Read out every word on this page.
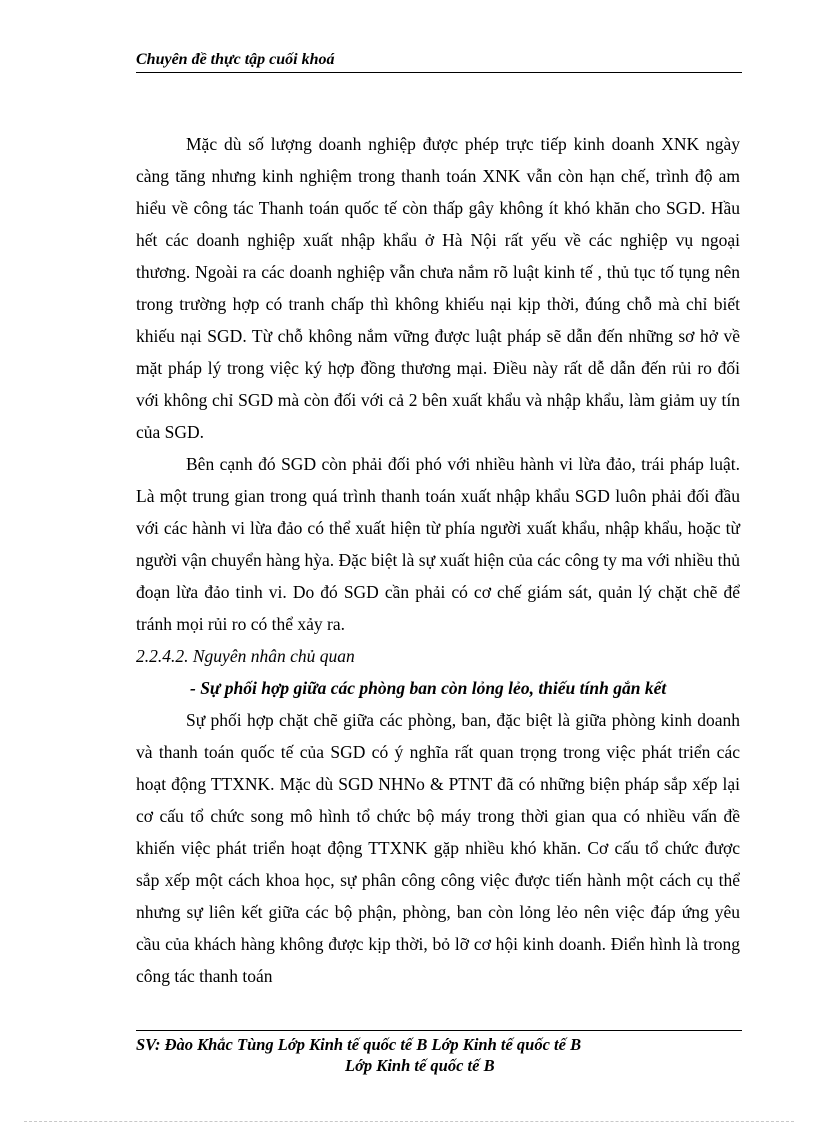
Chuyên đề thực tập cuối khoá

Mặc dù số lượng doanh nghiệp được phép trực tiếp kinh doanh XNK ngày càng tăng nhưng kinh nghiệm trong thanh toán XNK vẫn còn hạn chế, trình độ am hiểu về công tác Thanh toán quốc tế còn thấp gây không ít khó khăn cho SGD. Hầu hết các doanh nghiệp xuất nhập khẩu ở Hà Nội rất yếu về các nghiệp vụ ngoại thương. Ngoài ra các doanh nghiệp vẫn chưa nắm rõ luật kinh tế , thủ tục tố tụng nên trong trường hợp có tranh chấp thì không khiếu nại kịp thời, đúng chỗ mà chỉ biết khiếu nại SGD. Từ chỗ không nắm vững được luật pháp sẽ dẫn đến những sơ hở về mặt pháp lý trong việc ký hợp đồng thương mại. Điều này rất dễ dẫn đến rủi ro đối với không chỉ SGD mà còn đối với cả 2 bên xuất khẩu và nhập khẩu, làm giảm uy tín của SGD.

Bên cạnh đó SGD còn phải đối phó với nhiều hành vi lừa đảo, trái pháp luật. Là một trung gian trong quá trình thanh toán xuất nhập khẩu SGD luôn phải đối đầu với các hành vi lừa đảo có thể xuất hiện từ phía người xuất khẩu, nhập khẩu, hoặc từ người vận chuyển hàng hỳa. Đặc biệt là sự xuất hiện của các công ty ma với nhiều thủ đoạn lừa đảo tinh vi. Do đó SGD cần phải có cơ chế giám sát, quản lý chặt chẽ để tránh mọi rủi ro có thể xảy ra.

2.2.4.2. Nguyên nhân chủ quan

- Sự phối hợp giữa các phòng ban còn lỏng lẻo, thiếu tính gắn kết

Sự phối hợp chặt chẽ giữa các phòng, ban, đặc biệt là giữa phòng kinh doanh và thanh toán quốc tế của SGD có ý nghĩa rất quan trọng trong việc phát triển các hoạt động TTXNK. Mặc dù SGD NHNo & PTNT đã có những biện pháp sắp xếp lại cơ cấu tổ chức song mô hình tổ chức bộ máy trong thời gian qua có nhiều vấn đề khiến việc phát triển hoạt động TTXNK gặp nhiều khó khăn. Cơ cấu tổ chức được sắp xếp một cách khoa học, sự phân công công việc được tiến hành một cách cụ thể nhưng sự liên kết giữa các bộ phận, phòng, ban còn lỏng lẻo nên việc đáp ứng yêu cầu của khách hàng không được kịp thời, bỏ lỡ cơ hội kinh doanh. Điển hình là trong công tác thanh toán

SV: Đào Khắc Tùng Lớp Kinh tế quốc tế B Lớp Kinh tế quốc tế B
Lớp Kinh tế quốc tế B
